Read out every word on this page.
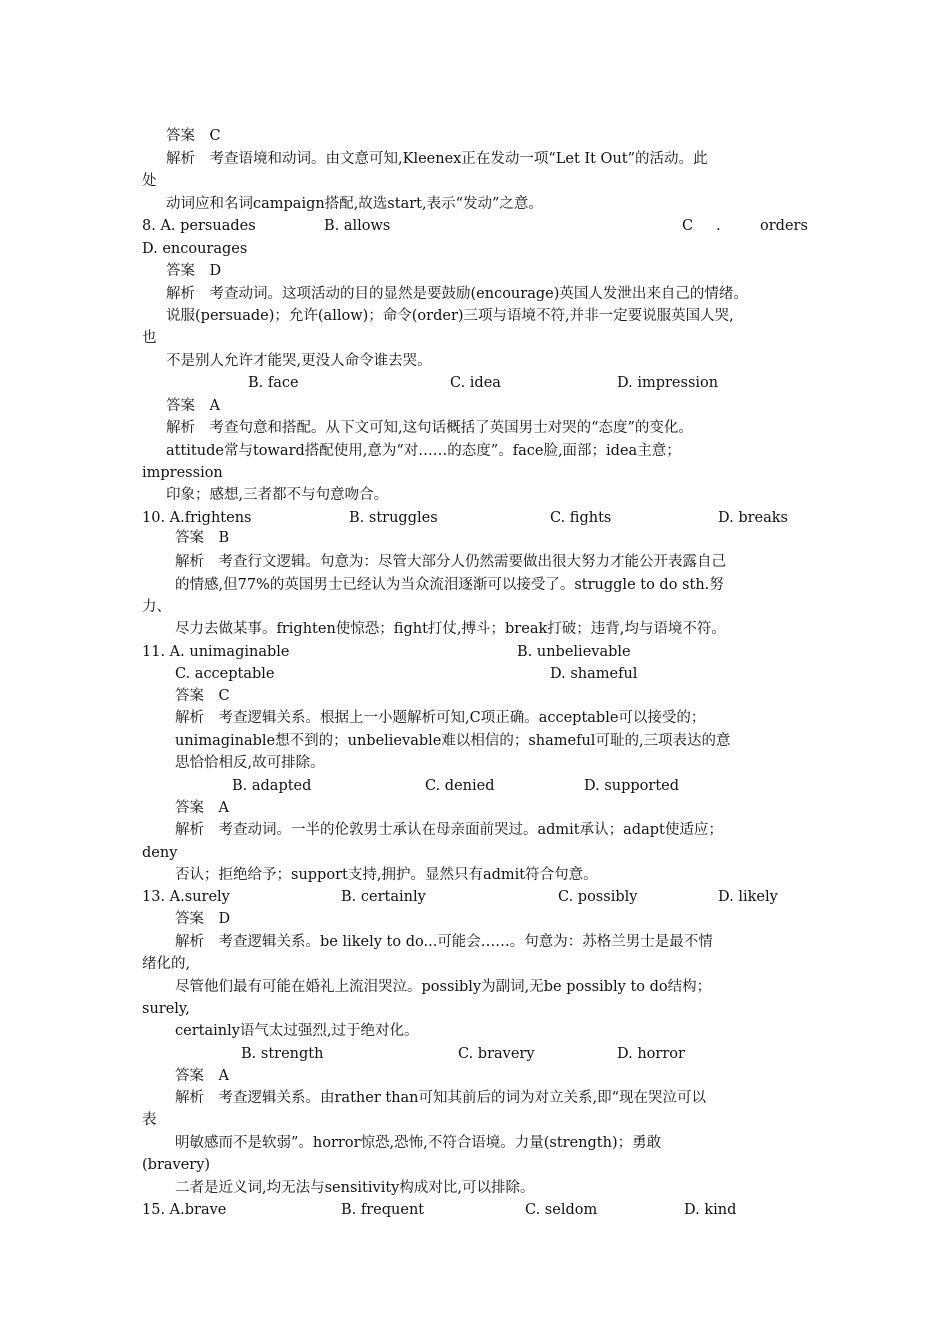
答案　C
解析　考查语境和动词。由文意可知,Kleenex正在发动一项“Let It Out”的活动。此
处
动词应和名词campaign搭配,故选start,表示“发动”之意。
8. A. persuades	B. allows	C .	orders
D. encourages
答案　D
解析　考查动词。这项活动的目的显然是要鼓励(encourage)英国人发泄出来自己的情绪。
说服(persuade)；允许(allow)；命令(order)三项与语境不符,并非一定要说服英国人哭,
也
不是别人允许才能哭,更没人命令谁去哭。
B. face	C. idea	D. impression
答案　A
解析　考查句意和搭配。从下文可知,这句话概括了英国男士对哭的“态度”的变化。
attitude常与toward搭配使用,意为“对……的态度”。face脸,面部；idea主意；
impression
印象；感想,三者都不与句意吻合。
10. A.frightens	B. struggles	C. fights	D. breaks
答案　B
解析　考查行文逻辑。句意为：尽管大部分人仍然需要做出很大努力才能公开表露自己
的情感,但77%的英国男士已经认为当众流泪逐渐可以接受了。struggle to do sth.努
力、
尽力去做某事。frighten使惊恐；fight打仗,搏斗；break打破；违背,均与语境不符。
11. A. unimaginable	B. unbelievable
C. acceptable	D. shameful
答案　C
解析　考查逻辑关系。根据上一小题解析可知,C项正确。acceptable可以接受的；
unimaginable想不到的；unbelievable难以相信的；shameful可耻的,三项表达的意
思恰恰相反,故可排除。
B. adapted	C. denied	D. supported
答案　A
解析　考查动词。一半的伦敦男士承认在母亲面前哭过。admit承认；adapt使适应；
deny
否认；拒绝给予；support支持,拥护。显然只有admit符合句意。
13. A.surely	B. certainly	C. possibly	D. likely
答案　D
解析　考查逻辑关系。be likely to do...可能会……。句意为：苏格兰男士是最不情
绪化的,
尽管他们最有可能在婚礼上流泪哭泣。possibly为副词,无be possibly to do结构；
surely,
certainly语气太过强烈,过于绝对化。
B. strength	C. bravery	D. horror
答案　A
解析　考查逻辑关系。由rather than可知其前后的词为对立关系,即“现在哭泣可以
表
明敏感而不是软弱”。horror惊恐,恐怖,不符合语境。力量(strength)；勇敢
(bravery)
二者是近义词,均无法与sensitivity构成对比,可以排除。
15. A.brave	B. frequent	C. seldom	D. kind
